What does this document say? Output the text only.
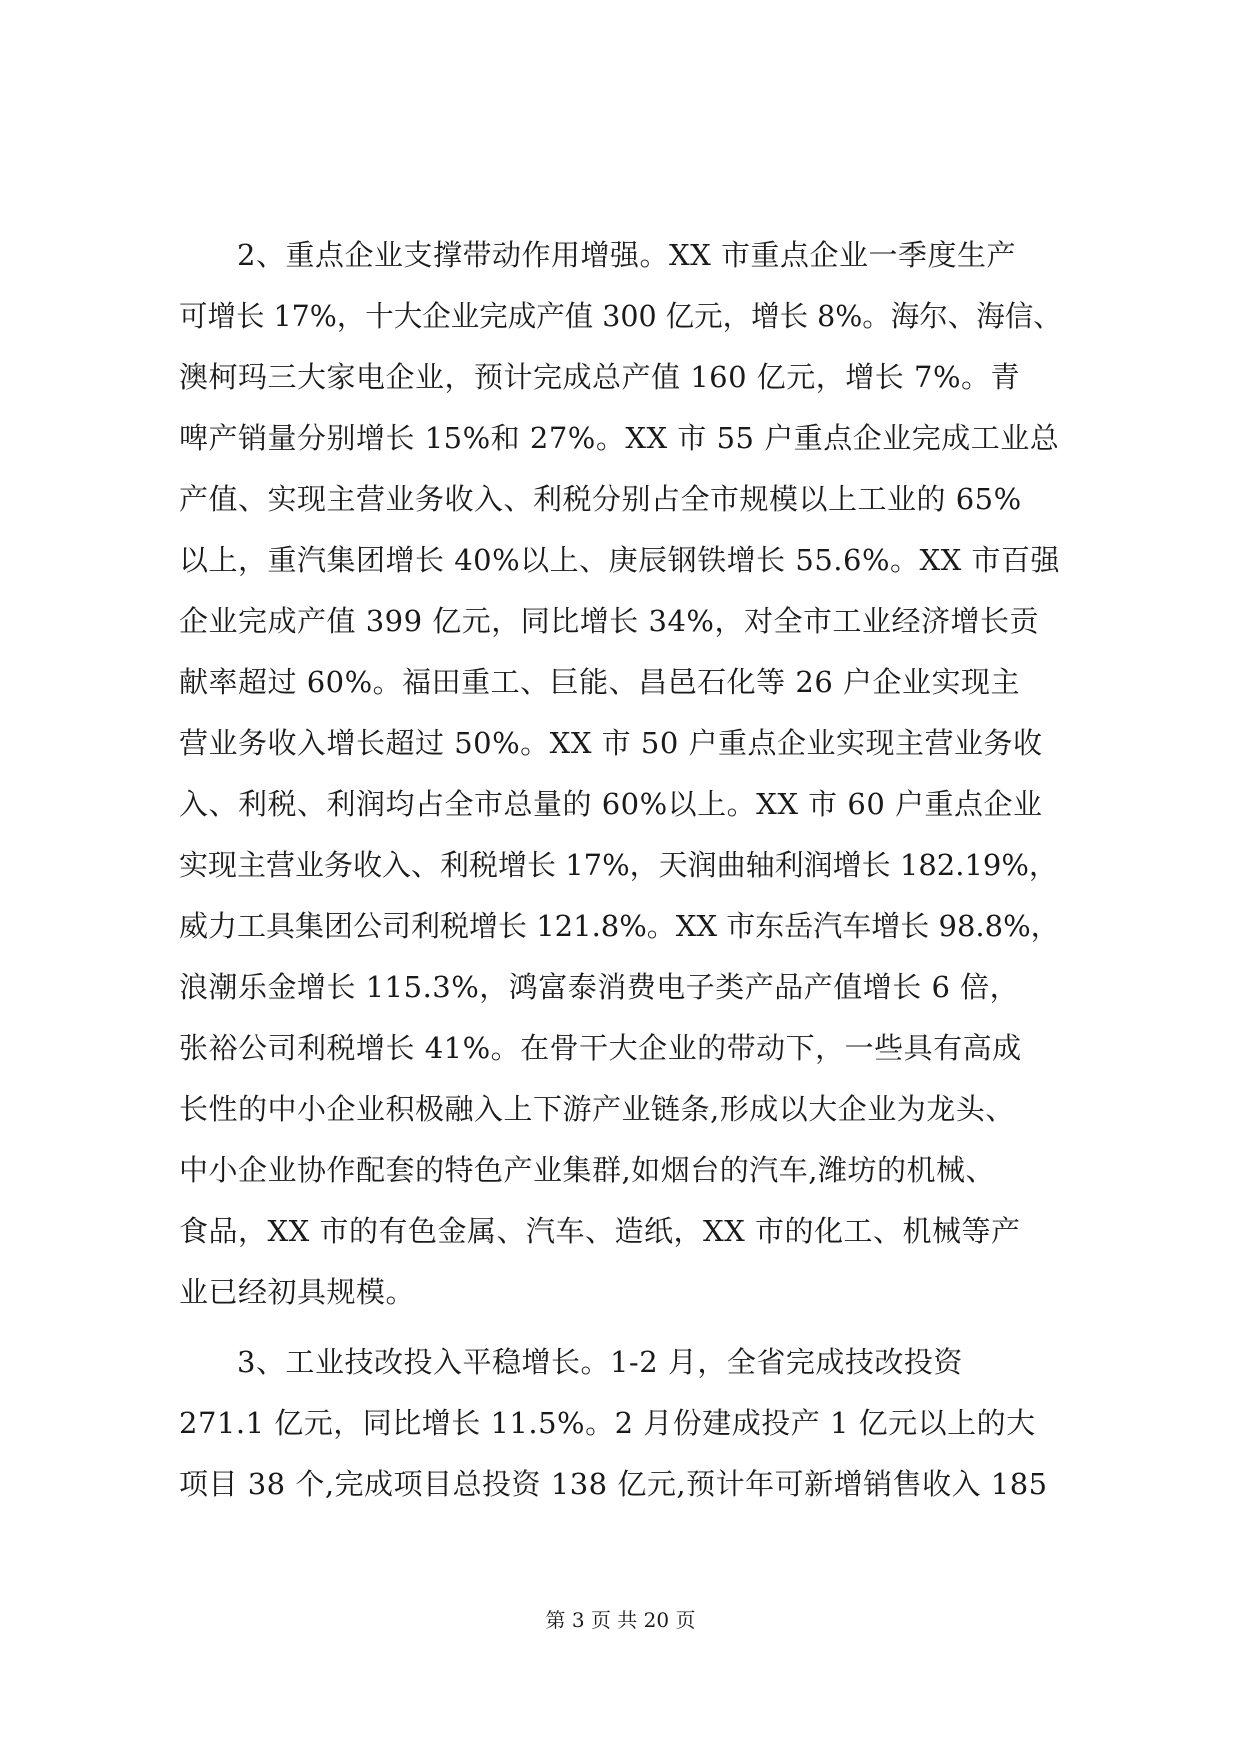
2、重点企业支撑带动作用增强。XX 市重点企业一季度生产
可增长 17%，十大企业完成产值 300 亿元，增长 8%。海尔、海信、
澳柯玛三大家电企业，预计完成总产值 160 亿元，增长 7%。青
啤产销量分别增长 15%和 27%。XX 市 55 户重点企业完成工业总
产值、实现主营业务收入、利税分别占全市规模以上工业的 65%
以上，重汽集团增长 40%以上、庚辰钢铁增长 55.6%。XX 市百强
企业完成产值 399 亿元，同比增长 34%，对全市工业经济增长贡
献率超过 60%。福田重工、巨能、昌邑石化等 26 户企业实现主
营业务收入增长超过 50%。XX 市 50 户重点企业实现主营业务收
入、利税、利润均占全市总量的 60%以上。XX 市 60 户重点企业
实现主营业务收入、利税增长 17%，天润曲轴利润增长 182.19%，
威力工具集团公司利税增长 121.8%。XX 市东岳汽车增长 98.8%，
浪潮乐金增长 115.3%，鸿富泰消费电子类产品产值增长 6 倍，
张裕公司利税增长 41%。在骨干大企业的带动下，一些具有高成
长性的中小企业积极融入上下游产业链条,形成以大企业为龙头、
中小企业协作配套的特色产业集群,如烟台的汽车,潍坊的机械、
食品，XX 市的有色金属、汽车、造纸，XX 市的化工、机械等产
业已经初具规模。
3、工业技改投入平稳增长。1-2 月，全省完成技改投资
271.1 亿元，同比增长 11.5%。2 月份建成投产 1 亿元以上的大
项目 38 个,完成项目总投资 138 亿元,预计年可新增销售收入 185
第 3 页 共 20 页
